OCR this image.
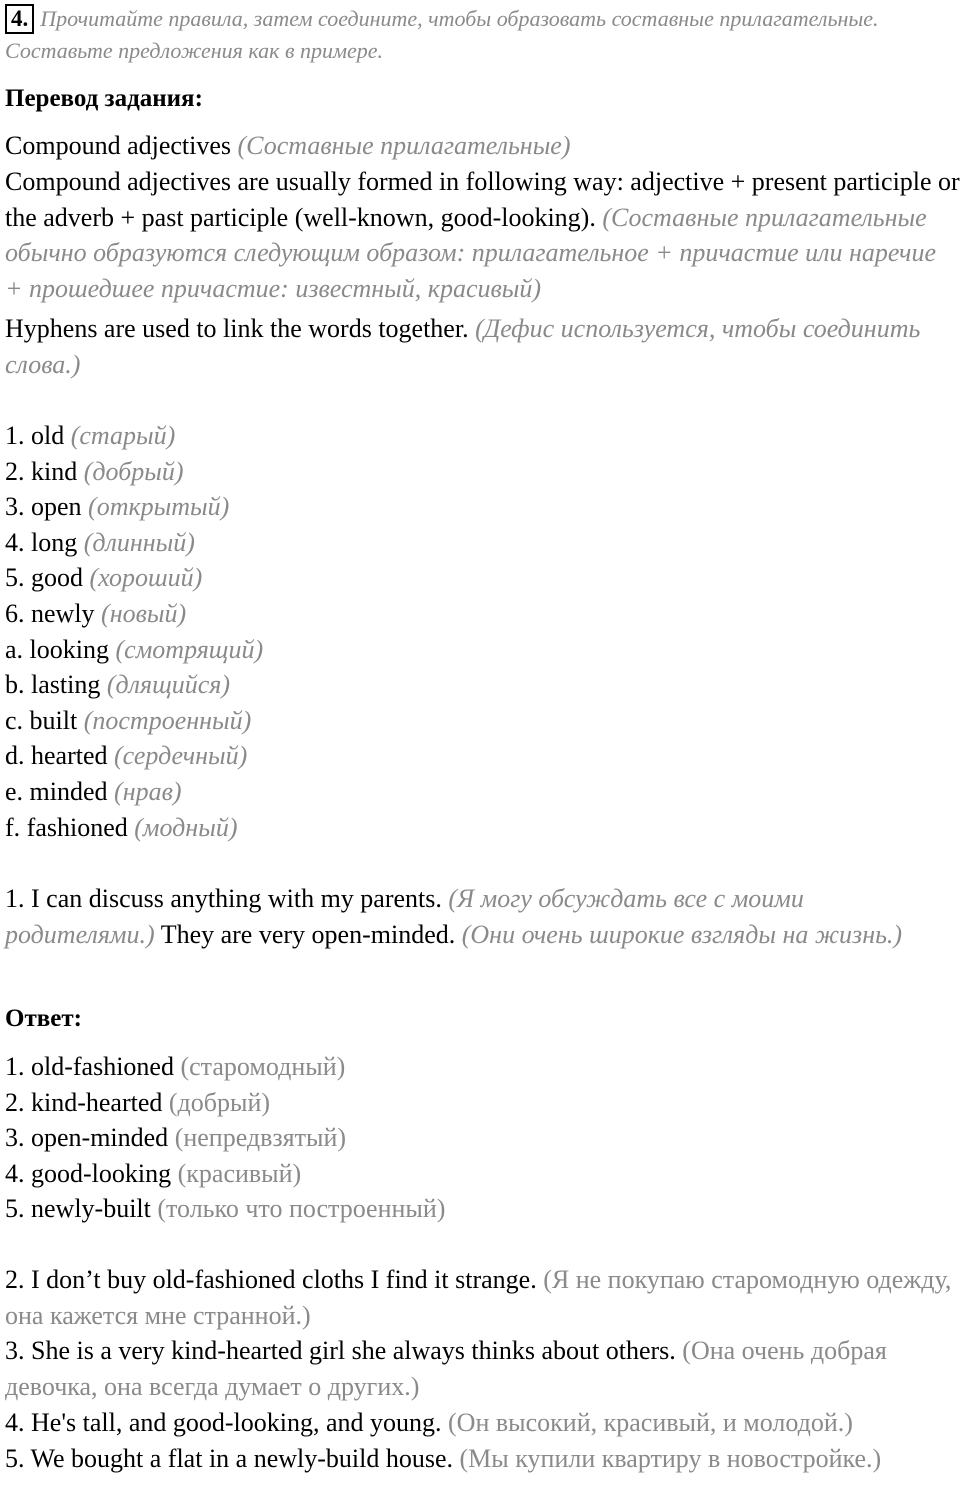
4. Прочитайте правила, затем соедините, чтобы образовать составные прилагательные. Составьте предложения как в примере.
Перевод задания:
Compound adjectives (Составные прилагательные)
Compound adjectives are usually formed in following way: adjective + present participle or the adverb + past participle (well-known, good-looking). (Составные прилагательные обычно образуются следующим образом: прилагательное + причастие или наречие + прошедшее причастие: известный, красивый)
Hyphens are used to link the words together. (Дефис используется, чтобы соединить слова.)
1. old (старый)
2. kind (добрый)
3. open (открытый)
4. long (длинный)
5. good (хороший)
6. newly (новый)
a. looking (смотрящий)
b. lasting (длящийся)
c. built (построенный)
d. hearted (сердечный)
e. minded (нрав)
f. fashioned (модный)
1. I can discuss anything with my parents. (Я могу обсуждать все с моими родителями.) They are very open-minded. (Они очень широкие взгляды на жизнь.)
Ответ:
1. old-fashioned (старомодный)
2. kind-hearted (добрый)
3. open-minded (непредвзятый)
4. good-looking (красивый)
5. newly-built (только что построенный)
2. I don’t buy old-fashioned cloths I find it strange. (Я не покупаю старомодную одежду, она кажется мне странной.)
3. She is a very kind-hearted girl she always thinks about others. (Она очень добрая девочка, она всегда думает о других.)
4. He's tall, and good-looking, and young. (Он высокий, красивый, и молодой.)
5. We bought a flat in a newly-build house. (Мы купили квартиру в новостройке.)
